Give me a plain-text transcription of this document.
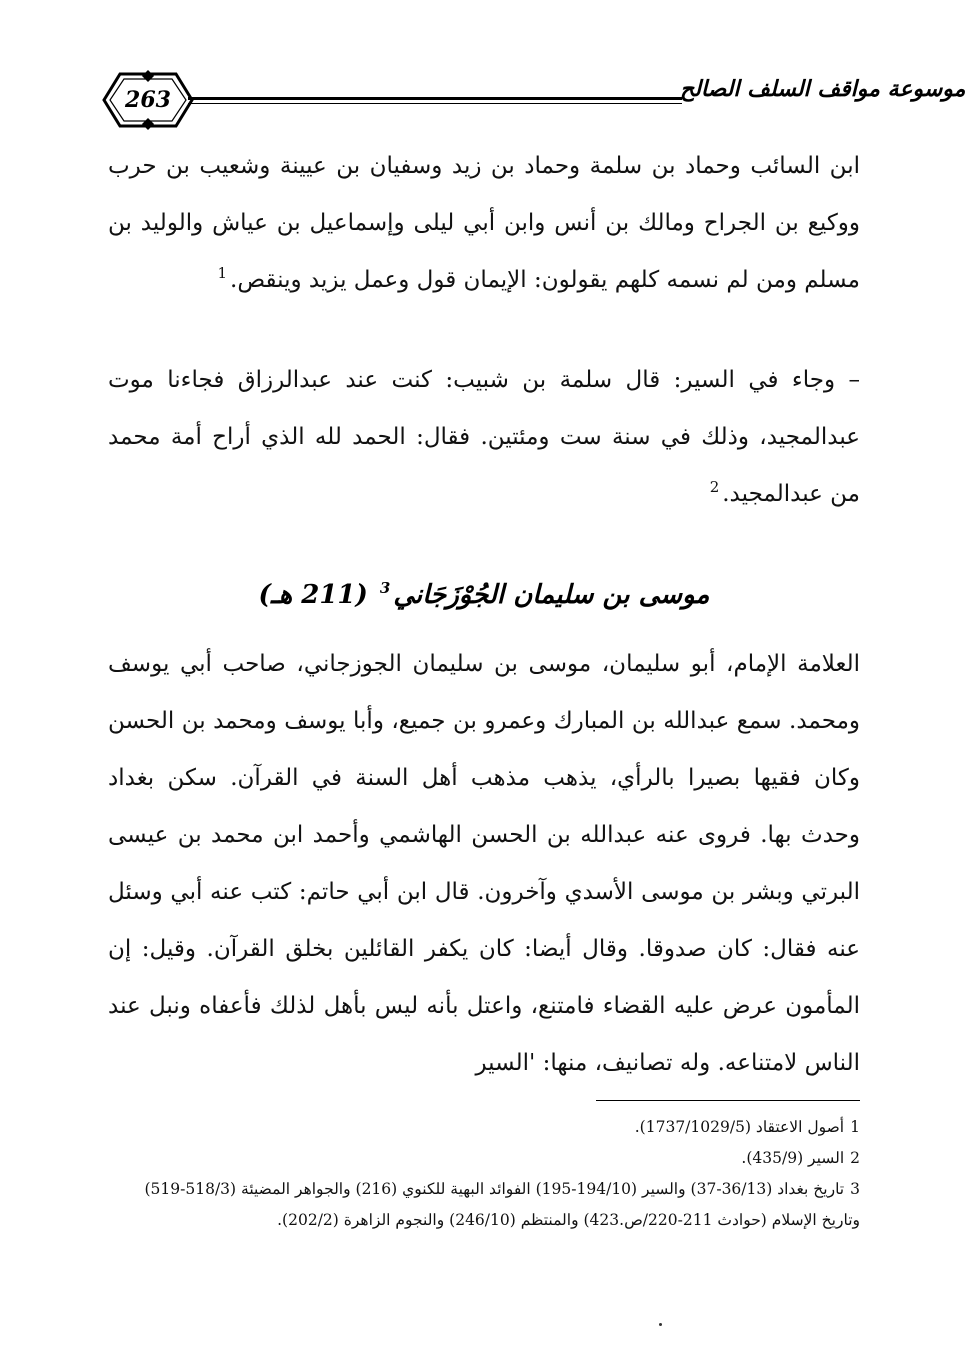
263	موسوعة مواقف السلف الصالح

ابن السائب وحماد بن سلمة وحماد بن زيد وسفيان بن عيينة وشعيب بن حرب ووكيع بن الجراح ومالك بن أنس وابن أبي ليلى وإسماعيل بن عياش والوليد بن مسلم ومن لم نسمه كلهم يقولون: الإيمان قول وعمل يزيد وينقص.$^1$

– وجاء في السير: قال سلمة بن شبيب: كنت عند عبدالرزاق فجاءنا موت عبدالمجيد، وذلك في سنة ست ومئتين. فقال: الحمد لله الذي أراح أمة محمد من عبدالمجيد.$^2$

موسى بن سليمان الجُوْزَجَاني$^3$ (211 هـ)

العلامة الإمام، أبو سليمان، موسى بن سليمان الجوزجاني، صاحب أبي يوسف ومحمد. سمع عبدالله بن المبارك وعمرو بن جميع، وأبا يوسف ومحمد بن الحسن وكان فقيها بصيرا بالرأي، يذهب مذهب أهل السنة في القرآن. سكن بغداد وحدث بها. فروى عنه عبدالله بن الحسن الهاشمي وأحمد ابن محمد بن عيسى البرتي وبشر بن موسى الأسدي وآخرون. قال ابن أبي حاتم: كتب عنه أبي وسئل عنه فقال: كان صدوقا. وقال أيضا: كان يكفر القائلين بخلق القرآن. وقيل: إن المأمون عرض عليه القضاء فامتنع، واعتل بأنه ليس بأهل لذلك فأعفاه ونبل عند الناس لامتناعه. وله تصانيف، منها: 'السير

1أصول الاعتقاد (1737/1029/5).

2السير (435/9).

3تاريخ بغداد (36/13-37) والسير (194/10-195) الفوائد البهية للكنوي (216) والجواهر المضيئة (518/3-519) وتاريخ الإسلام (حوادث 211-220/ص.423) والمنتظم (246/10) والنجوم الزاهرة (202/2).
